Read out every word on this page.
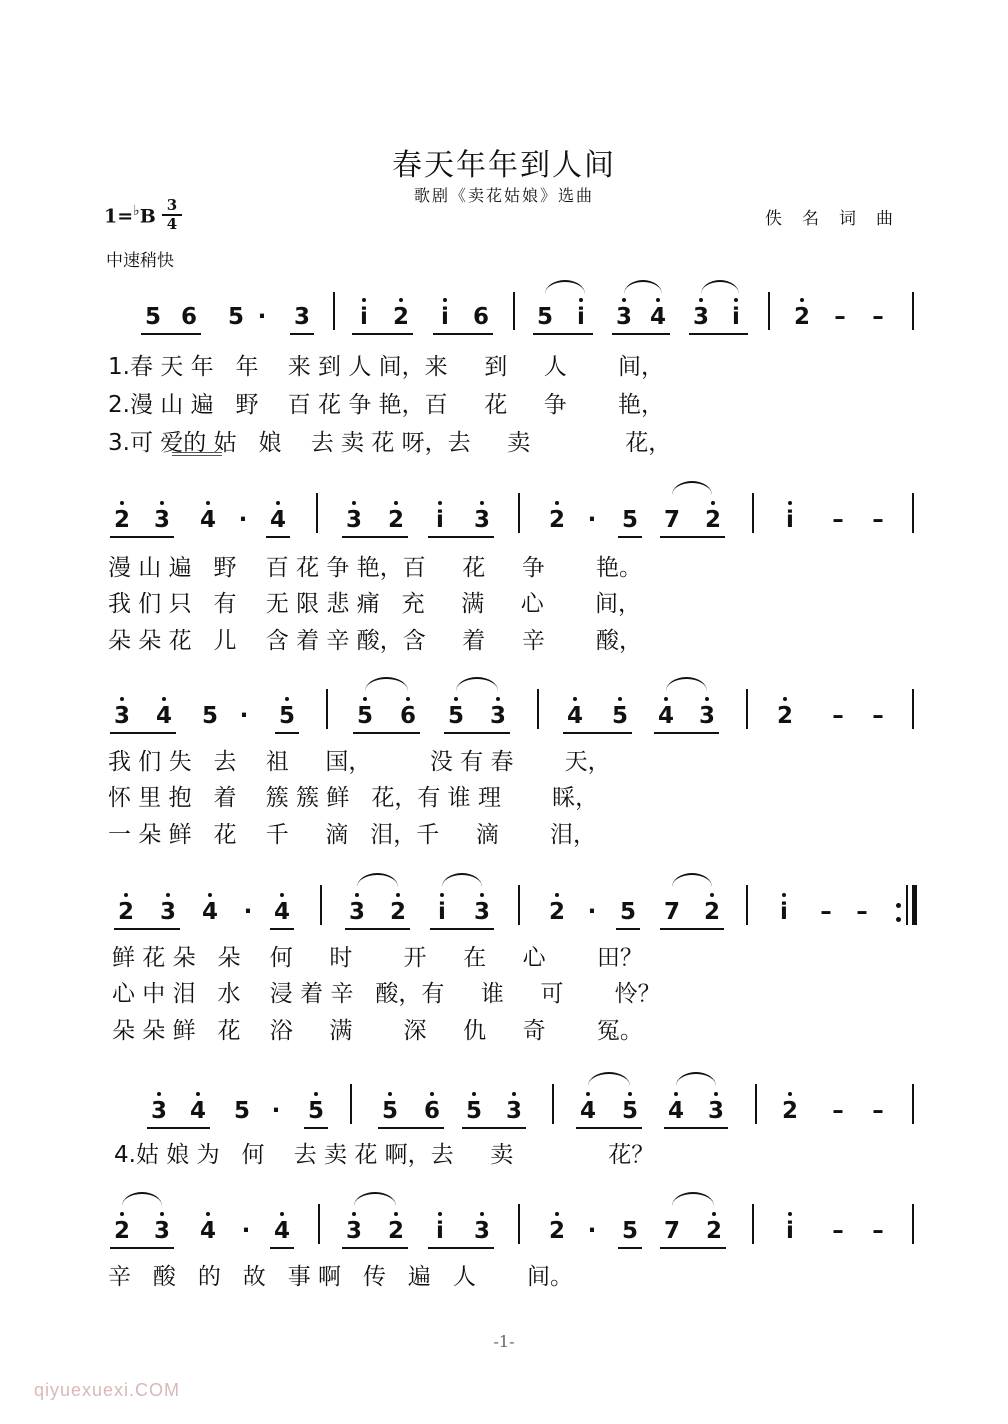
春天年年到人间
歌剧《卖花姑娘》选曲
1=♭B
3
4	佚名词曲
中速稍快
5 6 5 ·	3	i	2	i	6 5	i	3 4 3	i	2 – –
1.春 天 年   年    来 到 人 间，来     到     人       间，
2.漫 山 遍   野    百 花 争 艳，百     花     争       艳，
3.可 爱的 姑   娘    去 卖 花 呀，去     卖             花，
2 3 4 · 4	3 2	i	3	2 ·	5 7 2	i	– –
漫 山 遍   野    百 花 争 艳，百     花     争       艳。
我 们 只   有    无 限 悲 痛   充     满     心       间，
朵 朵 花   儿    含 着 辛 酸，含     着     辛       酸，
3 4 5 ·	5	5 6 5 3	4 5 4 3	2 – –
我 们 失   去    祖     国，        没 有 春       天，
怀 里 抱   着    簇 簇 鲜   花，有 谁 理       睬，
一 朵 鲜   花    千     滴   泪，千     滴       泪，
2 3 4	· 4	3 2	i	3	2 ·	5 7 2	i	– –
鲜 花 朵   朵    何     时       开     在     心       田？
心 中 泪   水    浸 着 辛   酸，有     谁     可       怜？
朵 朵 鲜   花    浴     满       深     仇     奇       冤。
3 4 5 ·	5	5 6 5 3	4 5 4 3	2 – –
4.姑 娘 为   何    去 卖 花 啊，去     卖             花？
2 3 4	·	4 3 2	i	3	2 ·	5 7 2	i	– –
辛   酸   的   故   事 啊   传   遍   人       间。
-1-
qiyuexuexi.COM
